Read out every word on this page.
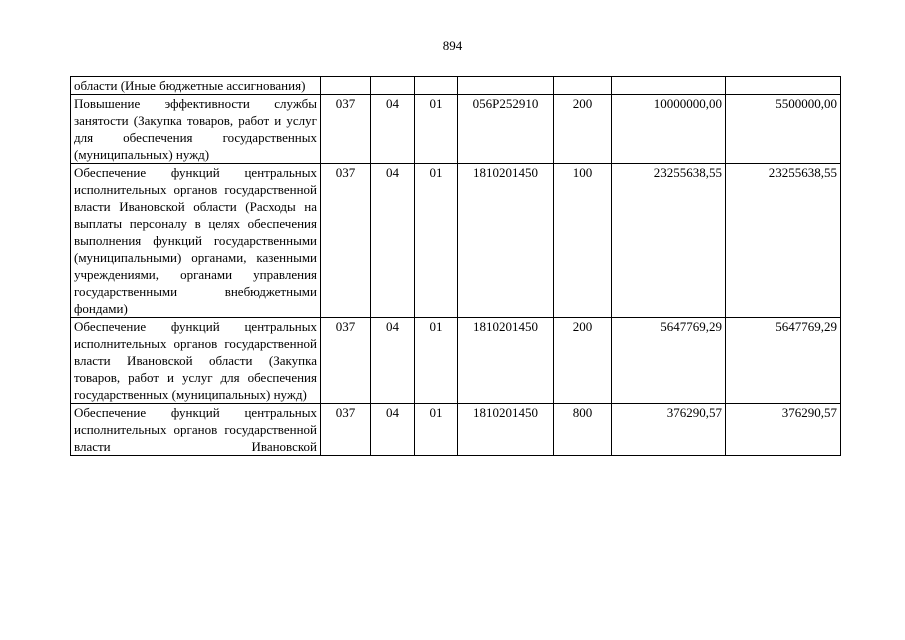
894
области (Иные бюджетные ассигнования)							
Повышение эффективности службы занятости (Закупка товаров, работ и услуг для обеспечения государственных (муниципальных) нужд)	037	04	01	056Р252910	200	10000000,00	5500000,00
Обеспечение функций центральных исполнительных органов государственной власти Ивановской области (Расходы на выплаты персоналу в целях обеспечения выполнения функций государственными (муниципальными) органами, казенными учреждениями, органами управления государственными внебюджетными фондами)	037	04	01	1810201450	100	23255638,55	23255638,55
Обеспечение функций центральных исполнительных органов государственной власти Ивановской области (Закупка товаров, работ и услуг для обеспечения государственных (муниципальных) нужд)	037	04	01	1810201450	200	5647769,29	5647769,29
Обеспечение функций центральных исполнительных органов государственной власти Ивановской	037	04	01	1810201450	800	376290,57	376290,57
